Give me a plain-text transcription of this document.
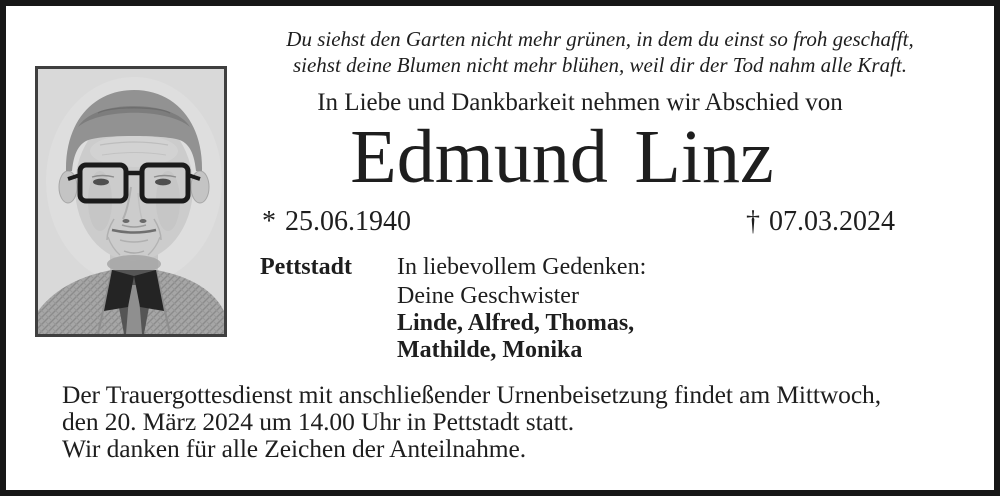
Du siehst den Garten nicht mehr grünen, in dem du einst so froh geschafft,
siehst deine Blumen nicht mehr blühen, weil dir der Tod nahm alle Kraft.
In Liebe und Dankbarkeit nehmen wir Abschied von
Edmund Linz
* 25.06.1940	† 07.03.2024
Pettstadt	In liebevollem Gedenken:
Deine Geschwister
Linde, Alfred, Thomas,
Mathilde, Monika
Der Trauergottesdienst mit anschließender Urnenbeisetzung findet am Mittwoch,
den 20. März 2024 um 14.00 Uhr in Pettstadt statt.
Wir danken für alle Zeichen der Anteilnahme.
